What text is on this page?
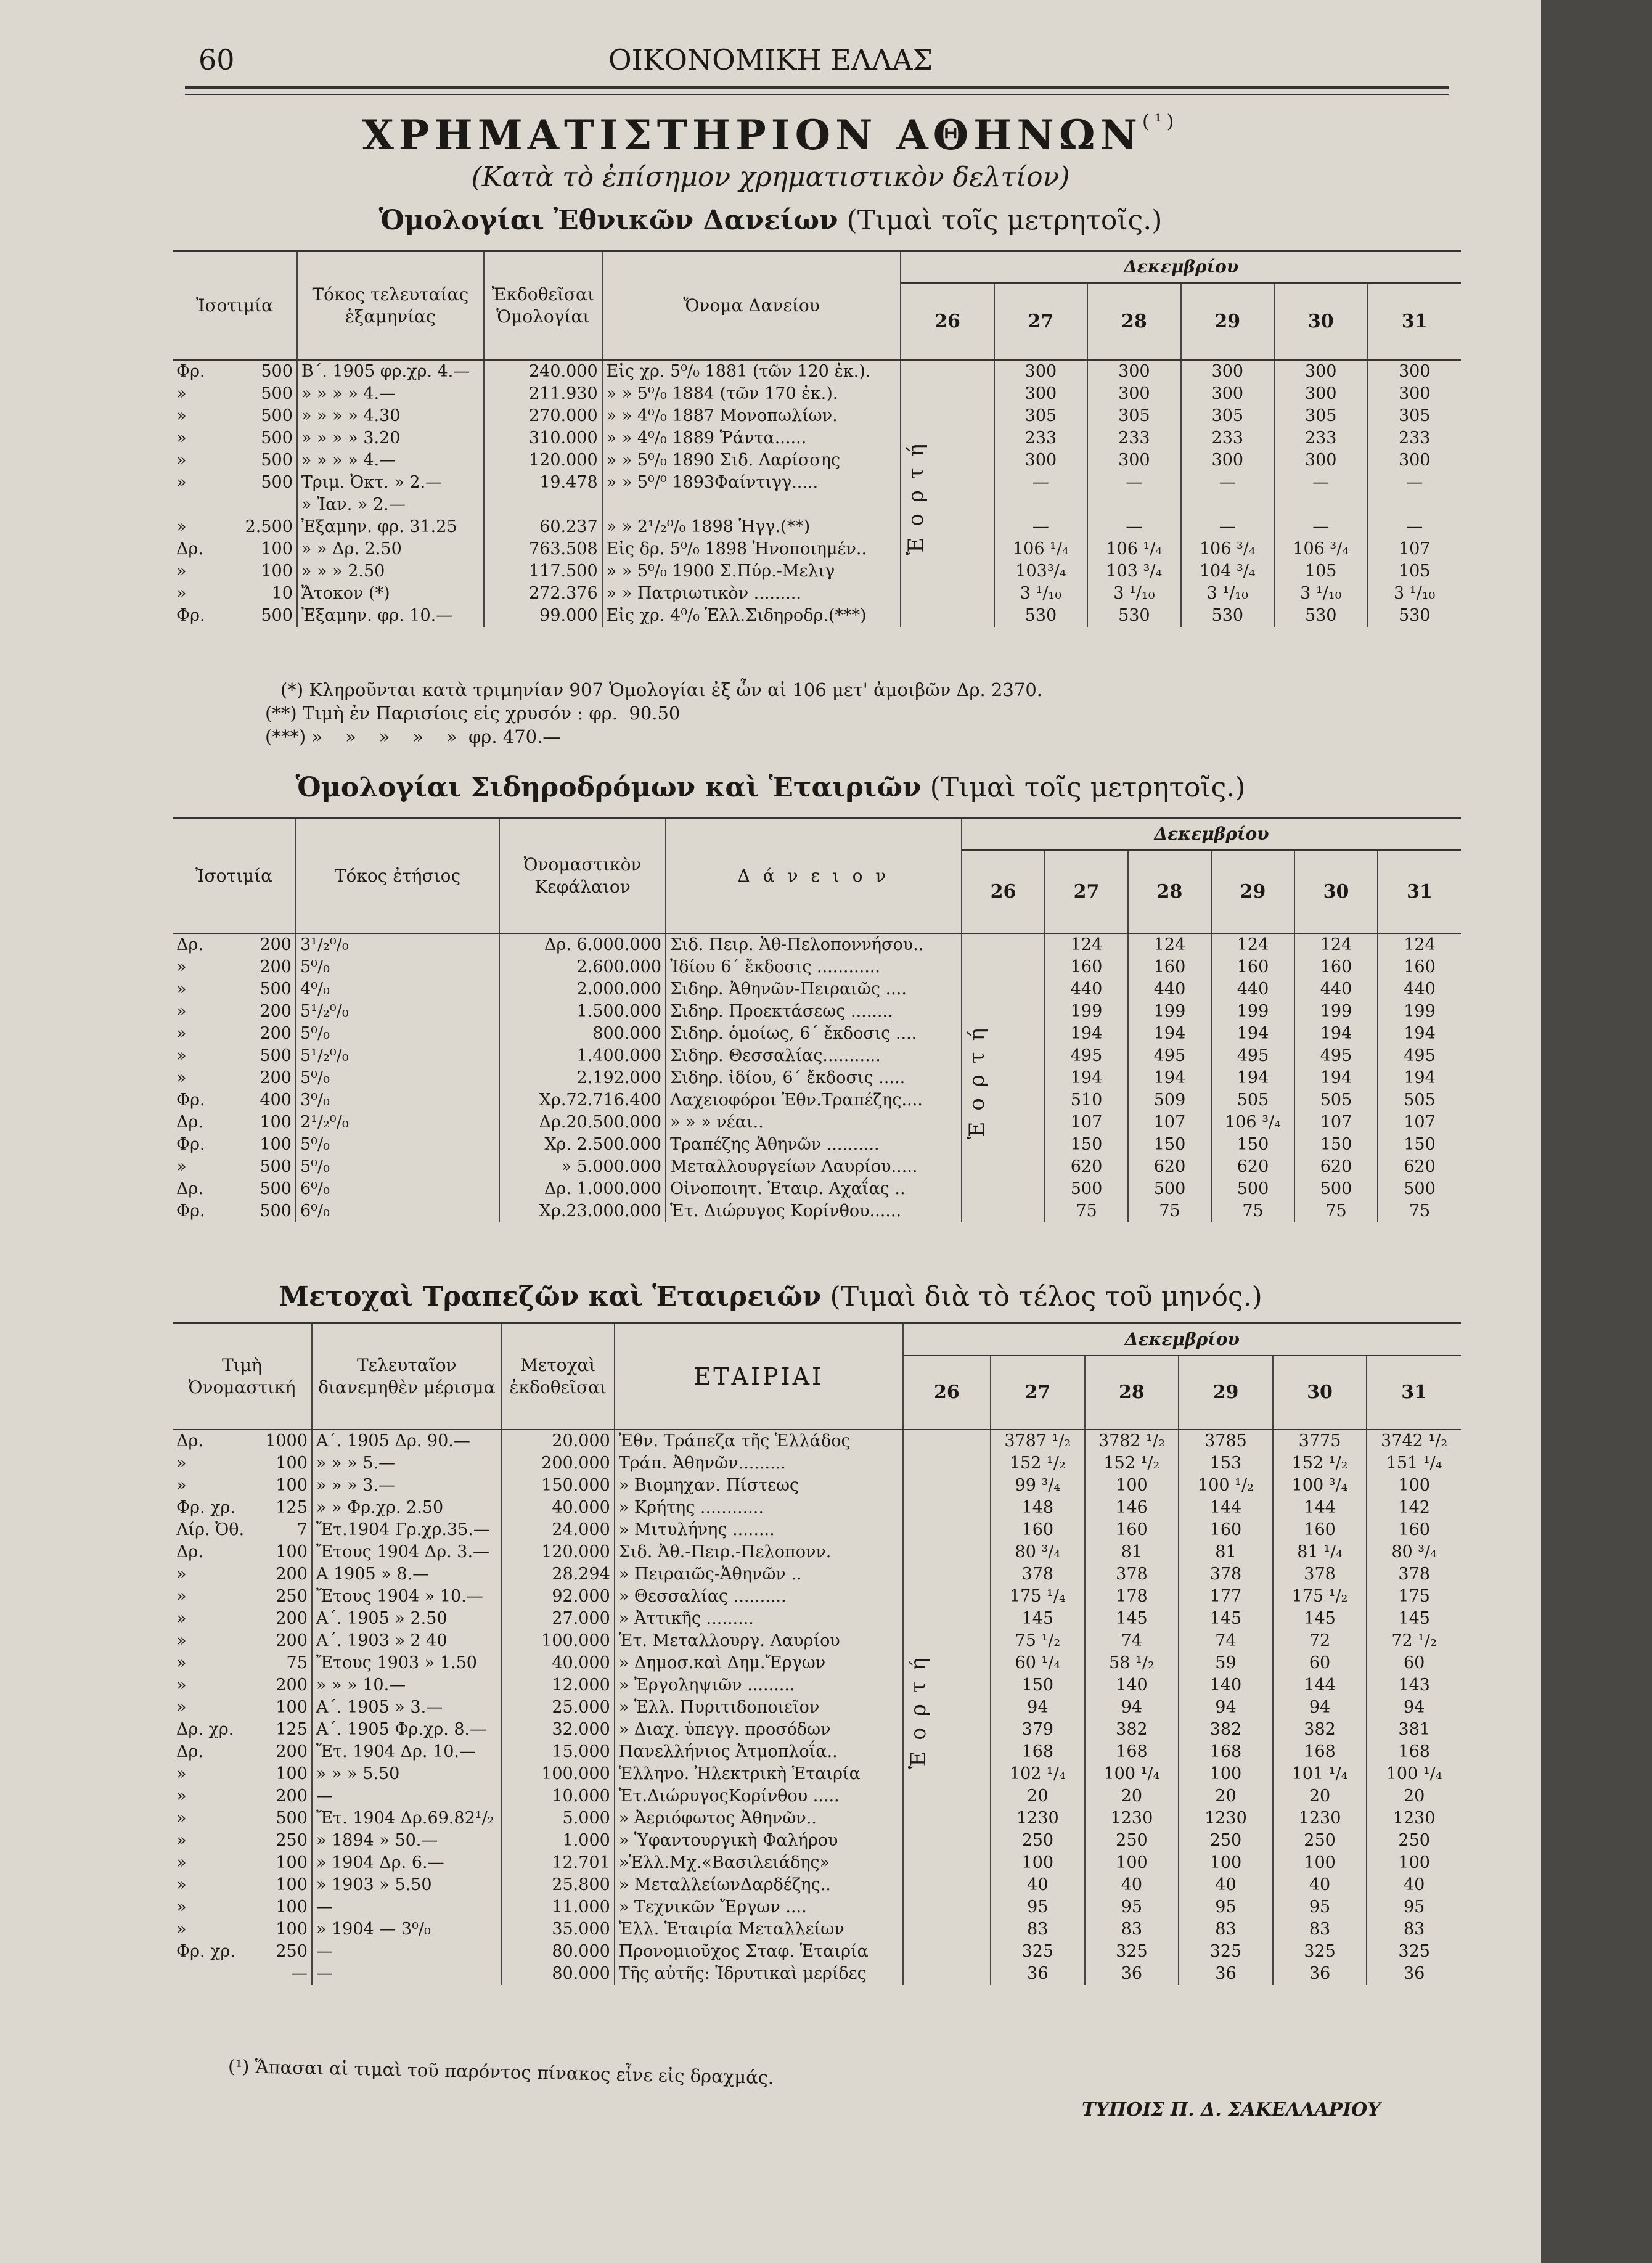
60	ΟΙΚΟΝΟΜΙΚΗ ΕΛΛΑΣ
ΧΡΗΜΑΤΙΣΤΗΡΙΟΝ $A\Theta HN\Omega N^{(^1)}$
(Κατὰ τὸ ἐπίσημον χρηματιστικὸν δελτίον)
Ὁμολογίαι Ἐθνικῶν Δανείων (Τιμαὶ τοῖς μετρητοῖς.)
Ἰσοτιμία		Τόκος τελευταίας ἑξαμηνίας	Ἐκδοθεῖσαι Ὁμολογίαι	Ὄνομα Δανείου	Δεκεμβρίου					
					26	27	28	29	30	31
Φρ.	500	Β΄. 1905 φρ.χρ. 4.—	240.000	Εἰς χρ. 5⁰/₀ 1881 (τῶν 120 ἐκ.).	Ἑορτή	300	300	300	300	300
»	500	» » » » 4.—	211.930	» » 5⁰/₀ 1884 (τῶν 170 ἐκ.).		300	300	300	300	300
»	500	» » » » 4.30	270.000	» » 4⁰/₀ 1887 Μονοπωλίων.		305	305	305	305	305
»	500	» » » » 3.20	310.000	» » 4⁰/₀ 1889 Ῥάντα......		233	233	233	233	233
»	500	» » » » 4.—	120.000	» » 5⁰/₀ 1890 Σιδ. Λαρίσσης		300	300	300	300	300
»	500	Τριμ. Ὀκτ. » 2.—	19.478	» » 5⁰/⁰ 1893Φαίντιγγ.....		—	—	—	—	—
		» Ἰαν. » 2.—								
»	2.500	Ἐξαμην. φρ. 31.25	60.237	» » 2¹/₂⁰/₀ 1898 Ἡγγ.(**)		—	—	—	—	—
Δρ.	100	» » Δρ. 2.50	763.508	Εἰς δρ. 5⁰/₀ 1898 Ἡνοποιημέν..		106 ¹/₄	106 ¹/₄	106 ³/₄	106 ³/₄	107
»	100	» » » 2.50	117.500	» » 5⁰/₀ 1900 Σ.Πύρ.-Μελιγ		103³/₄	103 ³/₄	104 ³/₄	105	105
»	10	Ἄτοκον (*)	272.376	» » Πατριωτικὸν .........		3 ¹/₁₀	3 ¹/₁₀	3 ¹/₁₀	3 ¹/₁₀	3 ¹/₁₀
Φρ.	500	Ἐξαμην. φρ. 10.—	99.000	Εἰς χρ. 4⁰/₀ Ἑλλ.Σιδηροδρ.(***)		530	530	530	530	530
(*) Κληροῦνται κατὰ τριμηνίαν 907 Ὁμολογίαι ἐξ ὧν αἱ 106 μετ' ἀμοιβῶν Δρ. 2370.
(**) Τιμὴ ἐν Παρισίοις εἰς χρυσόν : φρ.  90.50
(***) »    »    »    »    »  φρ. 470.—
Ὁμολογίαι Σιδηροδρόμων καὶ Ἑταιριῶν (Τιμαὶ τοῖς μετρητοῖς.)
Ἰσοτιμία		Τόκος ἐτήσιος	Ὀνομαστικὸν Κεφάλαιον	Δ ά ν ε ι ο ν	Δεκεμβρίου					
					26	27	28	29	30	31
Δρ.	200	3¹/₂⁰/₀	Δρ. 6.000.000	Σιδ. Πειρ. Ἀθ-Πελοποννήσου..	Ἑορτή	124	124	124	124	124
»	200	5⁰/₀	2.600.000	Ἰδίου 6΄ ἔκδοσις ............		160	160	160	160	160
»	500	4⁰/₀	2.000.000	Σιδηρ. Ἀθηνῶν-Πειραιῶς ....		440	440	440	440	440
»	200	5¹/₂⁰/₀	1.500.000	Σιδηρ. Προεκτάσεως ........		199	199	199	199	199
»	200	5⁰/₀	800.000	Σιδηρ. ὁμοίως, 6΄ ἔκδοσις ....		194	194	194	194	194
»	500	5¹/₂⁰/₀	1.400.000	Σιδηρ. Θεσσαλίας...........		495	495	495	495	495
»	200	5⁰/₀	2.192.000	Σιδηρ. ἰδίου, 6΄ ἔκδοσις .....		194	194	194	194	194
Φρ.	400	3⁰/₀	Χρ.72.716.400	Λαχειοφόροι Ἐθν.Τραπέζης....		510	509	505	505	505
Δρ.	100	2¹/₂⁰/₀	Δρ.20.500.000	» » » νέαι..		107	107	106 ³/₄	107	107
Φρ.	100	5⁰/₀	Χρ. 2.500.000	Τραπέζης Ἀθηνῶν ..........		150	150	150	150	150
»	500	5⁰/₀	» 5.000.000	Μεταλλουργείων Λαυρίου.....		620	620	620	620	620
Δρ.	500	6⁰/₀	Δρ. 1.000.000	Οἰνοποιητ. Ἑταιρ. Αχαΐας ..		500	500	500	500	500
Φρ.	500	6⁰/₀	Χρ.23.000.000	Ἑτ. Διώρυγος Κορίνθου......		75	75	75	75	75
Μετοχαὶ Τραπεζῶν καὶ Ἑταιρειῶν (Τιμαὶ διὰ τὸ τέλος τοῦ μηνός.)
Τιμὴ Ὀνομαστική		Τελευταῖον διανεμηθὲν μέρισμα	Μετοχαὶ ἐκδοθεῖσαι	ΕΤΑΙΡΙΑΙ	Δεκεμβρίου					
					26	27	28	29	30	31
Δρ.	1000	Α΄. 1905 Δρ. 90.—	20.000	Ἐθν. Τράπεζα τῆς Ἑλλάδος	Ἑορτή	3787 ¹/₂	3782 ¹/₂	3785	3775	3742 ¹/₂
»	100	» » » 5.—	200.000	Τράπ. Ἀθηνῶν.........		152 ¹/₂	152 ¹/₂	153	152 ¹/₂	151 ¹/₄
»	100	» » » 3.—	150.000	» Βιομηχαν. Πίστεως		99 ³/₄	100	100 ¹/₂	100 ³/₄	100
Φρ. χρ.	125	» » Φρ.χρ. 2.50	40.000	» Κρήτης ............		148	146	144	144	142
Λίρ. Ὀθ.	7	Ἔτ.1904 Γρ.χρ.35.—	24.000	» Μιτυλήνης ........		160	160	160	160	160
Δρ.	100	Ἔτους 1904 Δρ. 3.—	120.000	Σιδ. Ἀθ.-Πειρ.-Πελοπονν.		80 ³/₄	81	81	81 ¹/₄	80 ³/₄
»	200	Α 1905 » 8.—	28.294	» Πειραιῶς-Ἀθηνῶν ..		378	378	378	378	378
»	250	Ἔτους 1904 » 10.—	92.000	» Θεσσαλίας ..........		175 ¹/₄	178	177	175 ¹/₂	175
»	200	Α΄. 1905 » 2.50	27.000	» Ἀττικῆς .........		145	145	145	145	145
»	200	Α΄. 1903 » 2 40	100.000	Ἑτ. Μεταλλουργ. Λαυρίου		75 ¹/₂	74	74	72	72 ¹/₂
»	75	Ἔτους 1903 » 1.50	40.000	» Δημοσ.καὶ Δημ.Ἔργων		60 ¹/₄	58 ¹/₂	59	60	60
»	200	» » » 10.—	12.000	» Ἐργοληψιῶν .........		150	140	140	144	143
»	100	Α΄. 1905 » 3.—	25.000	» Ἑλλ. Πυριτιδοποιεῖον		94	94	94	94	94
Δρ. χρ.	125	Α΄. 1905 Φρ.χρ. 8.—	32.000	» Διαχ. ὑπεγγ. προσόδων		379	382	382	382	381
Δρ.	200	Ἔτ. 1904 Δρ. 10.—	15.000	Πανελλήνιος Ἀτμοπλοΐα..		168	168	168	168	168
»	100	» » » 5.50	100.000	Ἑλληνο. Ἠλεκτρικὴ Ἑταιρία		102 ¹/₄	100 ¹/₄	100	101 ¹/₄	100 ¹/₄
»	200	—	10.000	Ἑτ.ΔιώρυγοςΚορίνθου .....		20	20	20	20	20
»	500	Ἔτ. 1904 Δρ.69.82¹/₂	5.000	» Ἀεριόφωτος Ἀθηνῶν..		1230	1230	1230	1230	1230
»	250	» 1894 » 50.—	1.000	» Ὑφαντουργικὴ Φαλήρου		250	250	250	250	250
»	100	» 1904 Δρ. 6.—	12.701	»Ἑλλ.Μχ.«Βασιλειάδης»		100	100	100	100	100
»	100	» 1903 » 5.50	25.800	» ΜεταλλείωνΔαρδέζης..		40	40	40	40	40
»	100	—	11.000	» Τεχνικῶν Ἔργων ....		95	95	95	95	95
»	100	» 1904 — 3⁰/₀	35.000	Ἑλλ. Ἑταιρία Μεταλλείων		83	83	83	83	83
Φρ. χρ.	250	—	80.000	Προνομιοῦχος Σταφ. Ἑταιρία		325	325	325	325	325
	—	—	80.000	Τῆς αὐτῆς: Ἱδρυτικαὶ μερίδες		36	36	36	36	36
(¹) Ἅπασαι αἱ τιμαὶ τοῦ παρόντος πίνακος εἶνε εἰς δραχμάς.
ΤΥΠΟΙΣ Π. Δ. ΣΑΚΕΛΛΑΡΙΟΥ
